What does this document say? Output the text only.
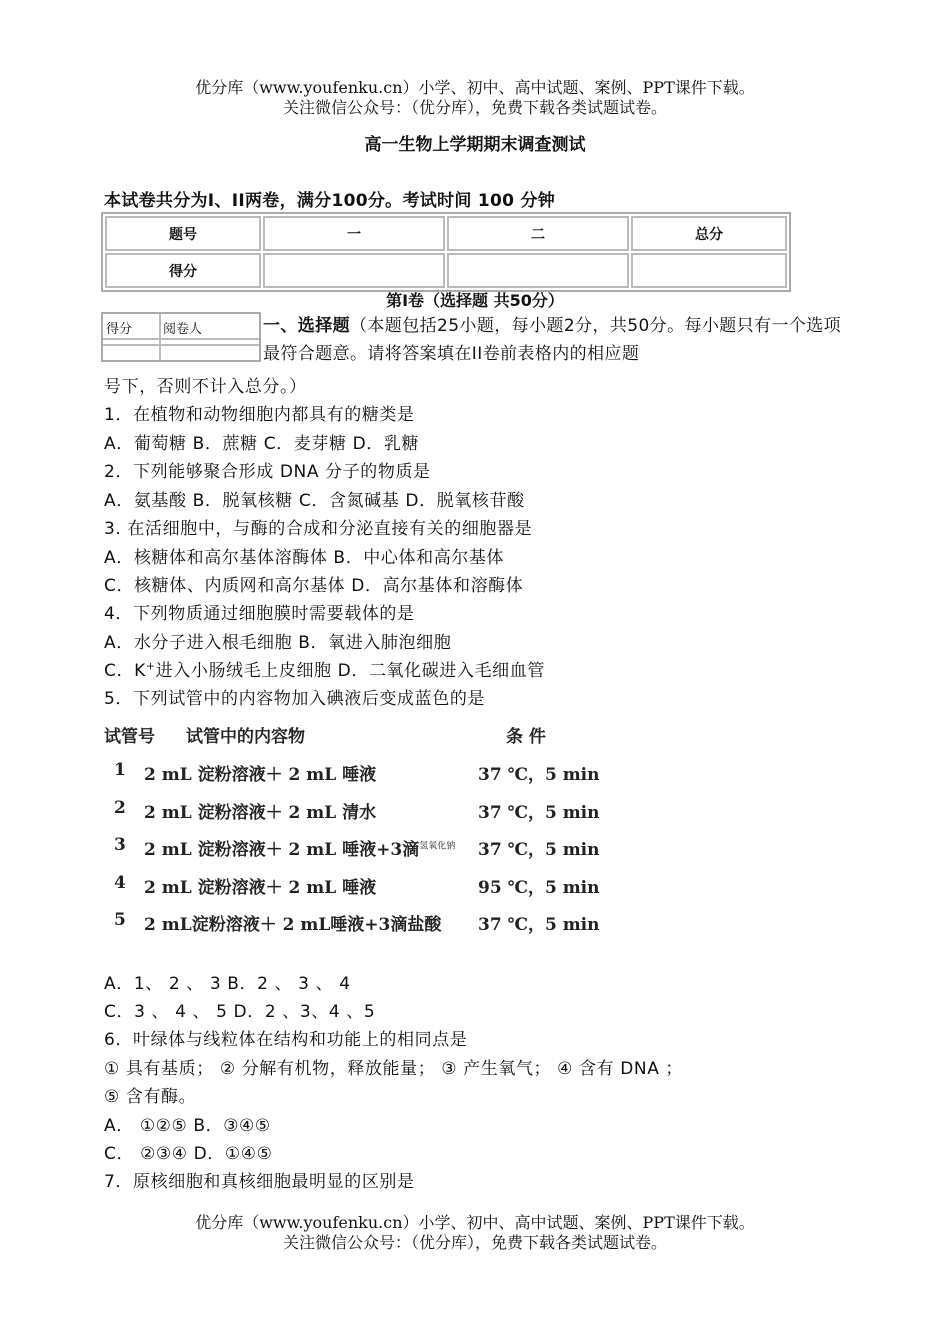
优分库（www.youfenku.cn）小学、初中、高中试题、案例、PPT课件下载。
关注微信公众号：（优分库），免费下载各类试题试卷。
高一生物上学期期末调查测试
本试卷共分为I、II两卷，满分100分。考试时间 100 分钟
题号	一	二	总分
得分			
第I卷（选择题 共50分）
得分 阅卷人	一、选择题（本题包括25小题，每小题2分，共50分。每小题只有一个选项最符合题意。请将答案填在II卷前表格内的相应题
号下，否则不计入总分。）
1．在植物和动物细胞内都具有的糖类是
A．葡萄糖 B．蔗糖 C．麦芽糖 D．乳糖
2．下列能够聚合形成 DNA 分子的物质是
A．氨基酸 B．脱氧核糖 C．含氮碱基 D．脱氧核苷酸
3. 在活细胞中，与酶的合成和分泌直接有关的细胞器是
A．核糖体和高尔基体溶酶体 B．中心体和高尔基体
C．核糖体、内质网和高尔基体 D．高尔基体和溶酶体
4．下列物质通过细胞膜时需要载体的是
A．水分子进入根毛细胞 B．氧进入肺泡细胞
C．K+进入小肠绒毛上皮细胞 D．二氧化碳进入毛细血管
5．下列试管中的内容物加入碘液后变成蓝色的是
试管号 试管中的内容物	条 件
1 2 mL 淀粉溶液＋ 2 mL 唾液	37 ℃，5 min
2 2 mL 淀粉溶液＋ 2 mL 清水	37 ℃，5 min
3 2 mL 淀粉溶液＋ 2 mL 唾液+3滴$^{氢氧化钠}$ 37 ℃，5 min
4 2 mL 淀粉溶液＋ 2 mL 唾液	95 ℃，5 min
5 2 mL淀粉溶液＋ 2 mL唾液+3滴盐酸 37 ℃，5 min
A．1、 2 、 3 B．2 、 3 、 4
C．3 、 4 、 5 D．2 、3、4 、5
6．叶绿体与线粒体在结构和功能上的相同点是
① 具有基质； ② 分解有机物，释放能量； ③ 产生氧气； ④ 含有 DNA ；
⑤ 含有酶。
A． ①②⑤ B．③④⑤
C． ②③④ D．①④⑤
7．原核细胞和真核细胞最明显的区别是
优分库（www.youfenku.cn）小学、初中、高中试题、案例、PPT课件下载。
关注微信公众号：（优分库），免费下载各类试题试卷。
